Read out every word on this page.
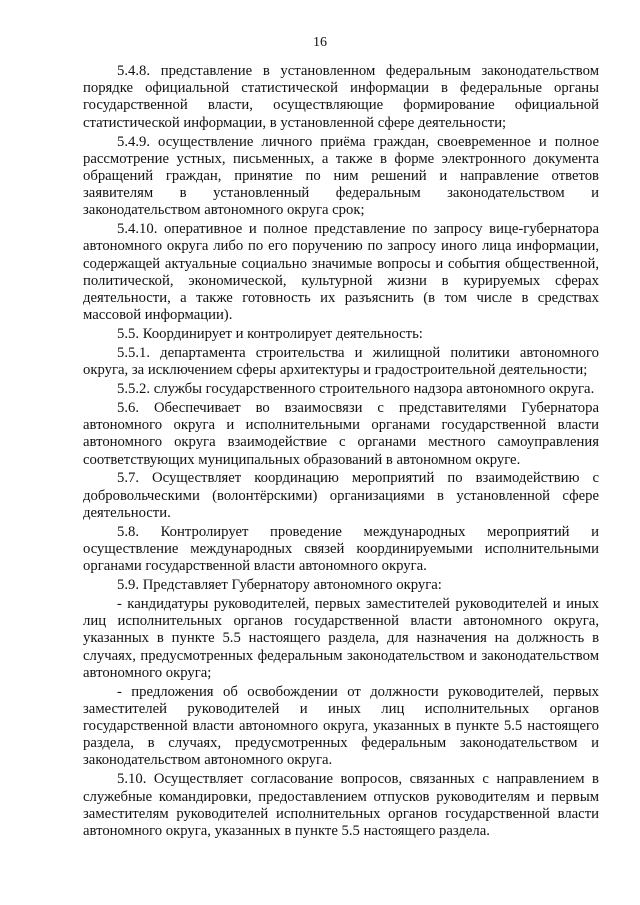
16

5.4.8. представление в установленном федеральным законодательством порядке официальной статистической информации в федеральные органы государственной власти, осуществляющие формирование официальной статистической информации, в установленной сфере деятельности;

5.4.9. осуществление личного приёма граждан, своевременное и полное рассмотрение устных, письменных, а также в форме электронного документа обращений граждан, принятие по ним решений и направление ответов заявителям в установленный федеральным законодательством и законодательством автономного округа срок;

5.4.10. оперативное и полное представление по запросу вице-губернатора автономного округа либо по его поручению по запросу иного лица информации, содержащей актуальные социально значимые вопросы и события общественной, политической, экономической, культурной жизни в курируемых сферах деятельности, а также готовность их разъяснить (в том числе в средствах массовой информации).

5.5. Координирует и контролирует деятельность:

5.5.1. департамента строительства и жилищной политики автономного округа, за исключением сферы архитектуры и градостроительной деятельности;

5.5.2. службы государственного строительного надзора автономного округа.

5.6. Обеспечивает во взаимосвязи с представителями Губернатора автономного округа и исполнительными органами государственной власти автономного округа взаимодействие с органами местного самоуправления соответствующих муниципальных образований в автономном округе.

5.7. Осуществляет координацию мероприятий по взаимодействию с добровольческими (волонтёрскими) организациями в установленной сфере деятельности.

5.8. Контролирует проведение международных мероприятий и осуществление международных связей координируемыми исполнительными органами государственной власти автономного округа.

5.9. Представляет Губернатору автономного округа:

- кандидатуры руководителей, первых заместителей руководителей и иных лиц исполнительных органов государственной власти автономного округа, указанных в пункте 5.5 настоящего раздела, для назначения на должность в случаях, предусмотренных федеральным законодательством и законодательством автономного округа;

- предложения об освобождении от должности руководителей, первых заместителей руководителей и иных лиц исполнительных органов государственной власти автономного округа, указанных в пункте 5.5 настоящего раздела, в случаях, предусмотренных федеральным законодательством и законодательством автономного округа.

5.10. Осуществляет согласование вопросов, связанных с направлением в служебные командировки, предоставлением отпусков руководителям и первым заместителям руководителей исполнительных органов государственной власти автономного округа, указанных в пункте 5.5 настоящего раздела.
